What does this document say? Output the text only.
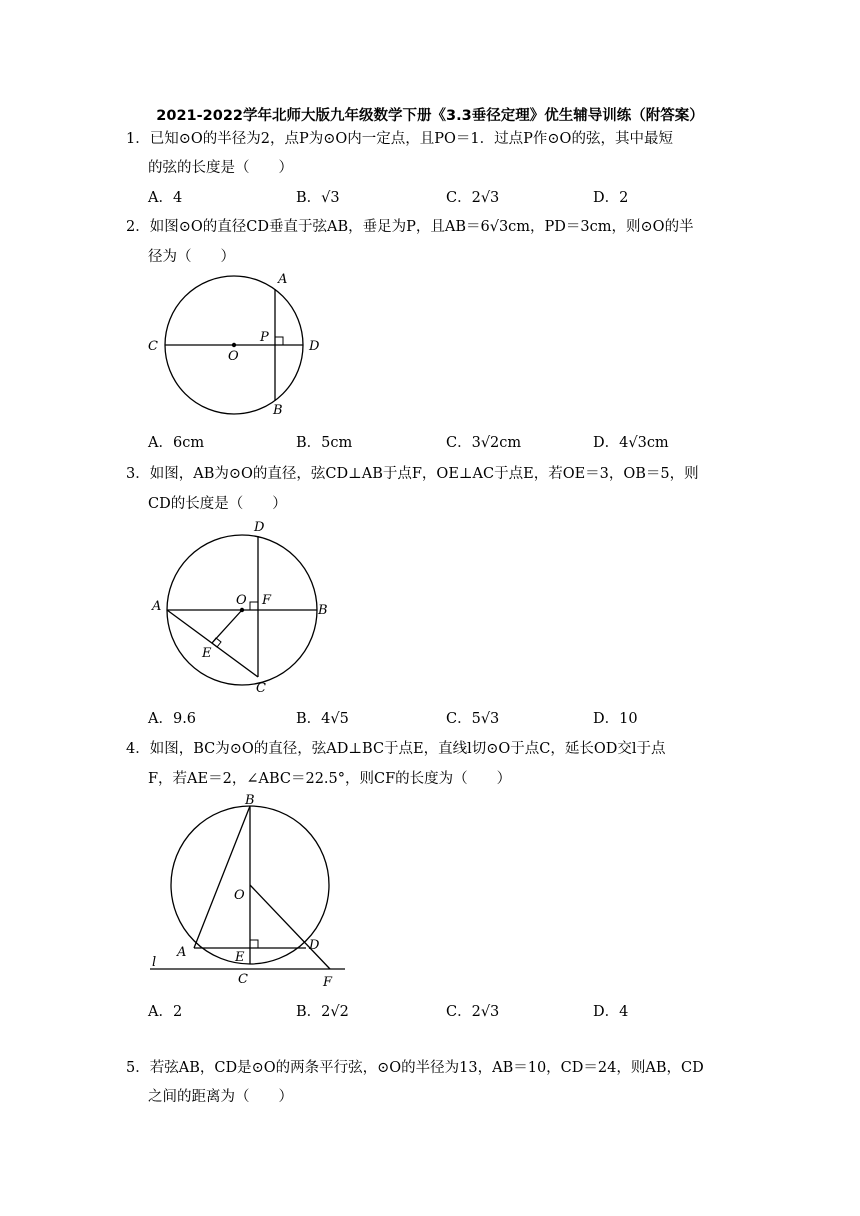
2021-2022学年北师大版九年级数学下册《3.3垂径定理》优生辅导训练（附答案）
1．已知⊙O的半径为2，点P为⊙O内一定点，且PO＝1．过点P作⊙O的弦，其中最短
的弦的长度是（　　）
A．4	B．√3	C．2√3	D．2
2．如图⊙O的直径CD垂直于弦AB，垂足为P，且AB＝6√3cm，PD＝3cm，则⊙O的半
径为（　　）
A
B
C	D
O
P
A．6cm	B．5cm	C．3√2cm	D．4√3cm
3．如图，AB为⊙O的直径，弦CD⊥AB于点F，OE⊥AC于点E，若OE＝3，OB＝5，则
CD的长度是（　　）
D
A	O F
B
E
C
A．9.6	B．4√5	C．5√3	D．10
4．如图，BC为⊙O的直径，弦AD⊥BC于点E，直线l切⊙O于点C，延长OD交l于点
F，若AE＝2，∠ABC＝22.5°，则CF的长度为（　　）
B
O
A	E
D
l
C	F
A．2	B．2√2	C．2√3	D．4
5．若弦AB，CD是⊙O的两条平行弦，⊙O的半径为13，AB＝10，CD＝24，则AB，CD
之间的距离为（　　）
